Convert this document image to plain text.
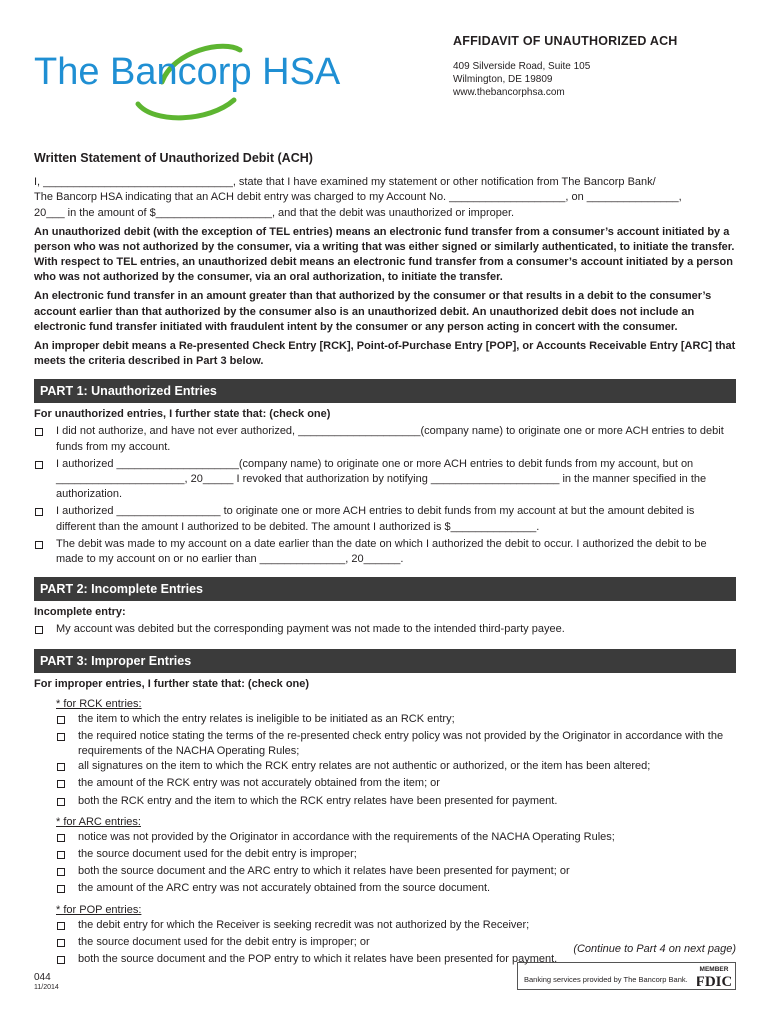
The Bancorp HSA
AFFIDAVIT OF UNAUTHORIZED ACH
409 Silverside Road, Suite 105
Wilmington, DE 19809
www.thebancorphsa.com
Written Statement of Unauthorized Debit (ACH)
I, _______________________________, state that I have examined my statement or other notification from The Bancorp Bank/
The Bancorp HSA indicating that an ACH debit entry was charged to my Account No. ___________________, on _______________,
20___ in the amount of $___________________, and that the debit was unauthorized or improper.
An unauthorized debit (with the exception of TEL entries) means an electronic fund transfer from a consumer’s account initiated by a person who was not authorized by the consumer, via a writing that was either signed or similarly authenticated, to initiate the transfer. With respect to TEL entries, an unauthorized debit means an electronic fund transfer from a consumer’s account initiated by a person who was not authorized by the consumer, via an oral authorization, to initiate the transfer.
An electronic fund transfer in an amount greater than that authorized by the consumer or that results in a debit to the consumer’s account earlier than that authorized by the consumer also is an unauthorized debit. An unauthorized debit does not include an electronic fund transfer initiated with fraudulent intent by the consumer or any person acting in concert with the consumer.
An improper debit means a Re-presented Check Entry [RCK], Point-of-Purchase Entry [POP], or Accounts Receivable Entry [ARC] that meets the criteria described in Part 3 below.
PART 1: Unauthorized Entries
For unauthorized entries, I further state that: (check one)
I did not authorize, and have not ever authorized, ____________________(company name) to originate one or more ACH entries to debit funds from my account.
I authorized ____________________(company name) to originate one or more ACH entries to debit funds from my account, but on _____________________, 20_____ I revoked that authorization by notifying _____________________ in the manner specified in the authorization.
I authorized _________________ to originate one or more ACH entries to debit funds from my account at but the amount debited is different than the amount I authorized to be debited. The amount I authorized is $______________.
The debit was made to my account on a date earlier than the date on which I authorized the debit to occur. I authorized the debit to be made to my account on or no earlier than ______________, 20______.
PART 2: Incomplete Entries
Incomplete entry:
My account was debited but the corresponding payment was not made to the intended third-party payee.
PART 3: Improper Entries
For improper entries, I further state that: (check one)
* for RCK entries:
the item to which the entry relates is ineligible to be initiated as an RCK entry;
the required notice stating the terms of the re-presented check entry policy was not provided by the Originator in accordance with the requirements of the NACHA Operating Rules;
all signatures on the item to which the RCK entry relates are not authentic or authorized, or the item has been altered;
the amount of the RCK entry was not accurately obtained from the item; or
both the RCK entry and the item to which the RCK entry relates have been presented for payment.
* for ARC entries:
notice was not provided by the Originator in accordance with the requirements of the NACHA Operating Rules;
the source document used for the debit entry is improper;
both the source document and the ARC entry to which it relates have been presented for payment; or
the amount of the ARC entry was not accurately obtained from the source document.
* for POP entries:
the debit entry for which the Receiver is seeking recredit was not authorized by the Receiver;
the source document used for the debit entry is improper; or
both the source document and the POP entry to which it relates have been presented for payment.
(Continue to Part 4 on next page)
044
11/2014
Banking services provided by The Bancorp Bank.
MEMBER
FDIC
